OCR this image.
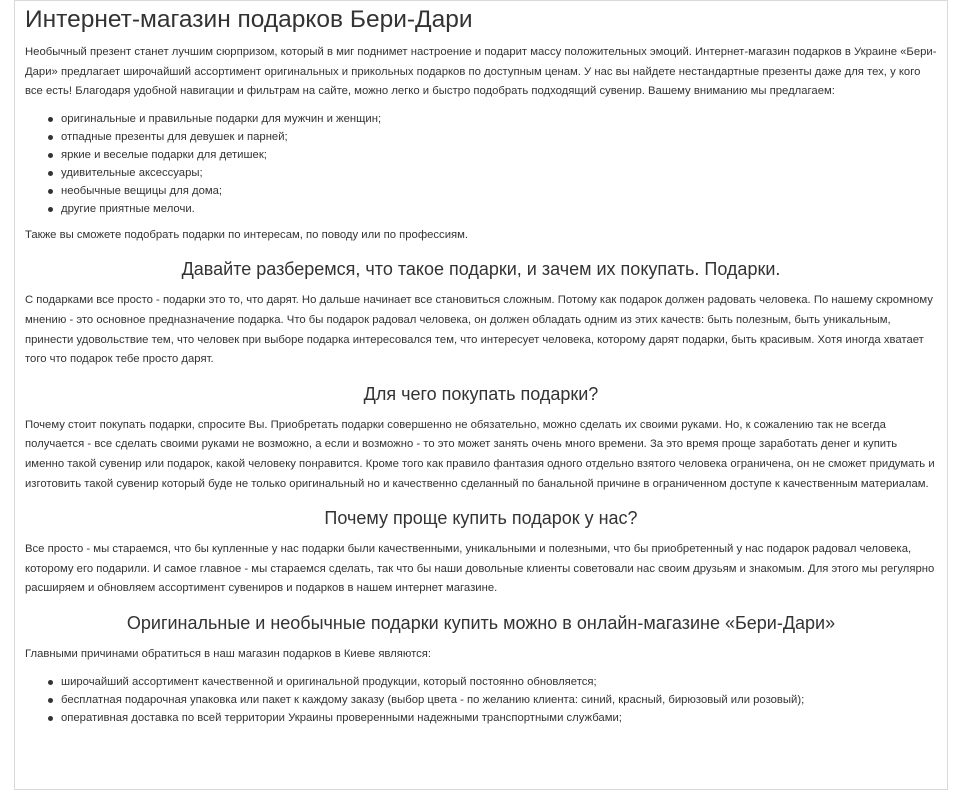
Интернет-магазин подарков Бери-Дари

Необычный презент станет лучшим сюрпризом, который в миг поднимет настроение и подарит массу положительных эмоций. Интернет-магазин подарков в Украине «Бери-Дари» предлагает широчайший ассортимент оригинальных и прикольных подарков по доступным ценам. У нас вы найдете нестандартные презенты даже для тех, у кого все есть! Благодаря удобной навигации и фильтрам на сайте, можно легко и быстро подобрать подходящий сувенир. Вашему вниманию мы предлагаем:

оригинальные и правильные подарки для мужчин и женщин;
отпадные презенты для девушек и парней;
яркие и веселые подарки для детишек;
удивительные аксессуары;
необычные вещицы для дома;
другие приятные мелочи.

Также вы сможете подобрать подарки по интересам, по поводу или по профессиям.

Давайте разберемся, что такое подарки, и зачем их покупать. Подарки.

С подарками все просто - подарки это то, что дарят. Но дальше начинает все становиться сложным. Потому как подарок должен радовать человека. По нашему скромному мнению - это основное предназначение подарка. Что бы подарок радовал человека, он должен обладать одним из этих качеств: быть полезным, быть уникальным, принести удовольствие тем, что человек при выборе подарка интересовался тем, что интересует человека, которому дарят подарки, быть красивым. Хотя иногда хватает того что подарок тебе просто дарят.

Для чего покупать подарки?

Почему стоит покупать подарки, спросите Вы. Приобретать подарки совершенно не обязательно, можно сделать их своими руками. Но, к сожалению так не всегда получается - все сделать своими руками не возможно, а если и возможно - то это может занять очень много времени. За это время проще заработать денег и купить именно такой сувенир или подарок, какой человеку понравится. Кроме того как правило фантазия одного отдельно взятого человека ограничена, он не сможет придумать и изготовить такой сувенир который буде не только оригинальный но и качественно сделанный по банальной причине в ограниченном доступе к качественным материалам.

Почему проще купить подарок у нас?

Все просто - мы стараемся, что бы купленные у нас подарки были качественными, уникальными и полезными, что бы приобретенный у нас подарок радовал человека, которому его подарили. И самое главное - мы стараемся сделать, так что бы наши довольные клиенты советовали нас своим друзьям и знакомым. Для этого мы регулярно расширяем и обновляем ассортимент сувениров и подарков в нашем интернет магазине.

Оригинальные и необычные подарки купить можно в онлайн-магазине «Бери-Дари»

Главными причинами обратиться в наш магазин подарков в Киеве являются:

широчайший ассортимент качественной и оригинальной продукции, который постоянно обновляется;
бесплатная подарочная упаковка или пакет к каждому заказу (выбор цвета - по желанию клиента: синий, красный, бирюзовый или розовый);
оперативная доставка по всей территории Украины проверенными надежными транспортными службами;
